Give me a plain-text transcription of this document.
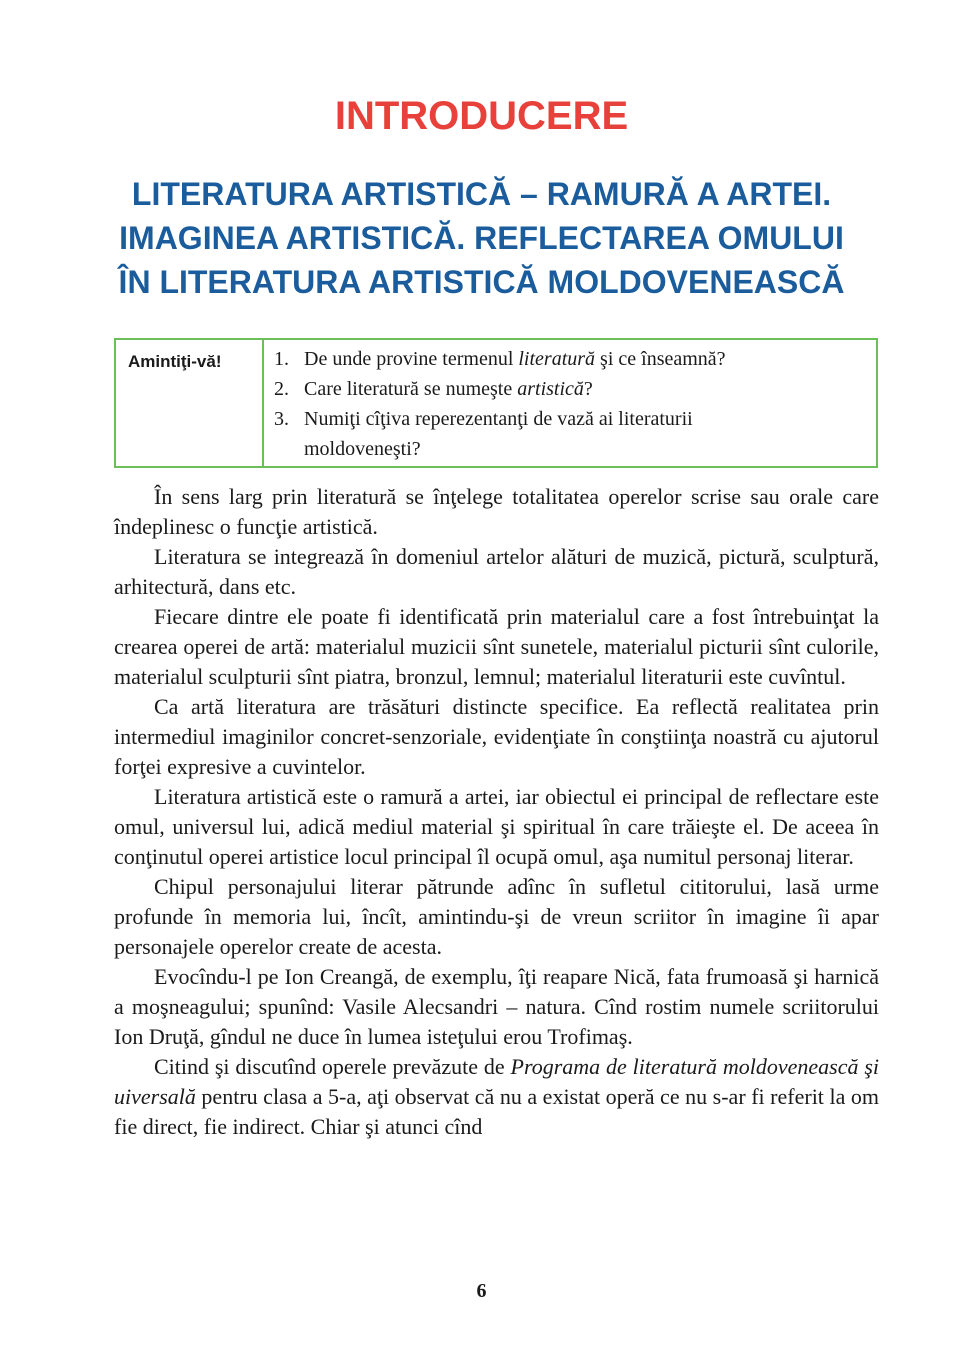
INTRODUCERE
LITERATURA ARTISTICĂ – RAMURĂ A ARTEI.
IMAGINEA ARTISTICĂ. REFLECTAREA OMULUI
ÎN LITERATURA ARTISTICĂ MOLDOVENEASCĂ
Amintiţi-vă!	1. De unde provine termenul literatură şi ce înseamnă?
2. Care literatură se numeşte artistică?
3. Numiţi cîţiva reperezentanţi de vază ai literaturii moldoveneşti?

În sens larg prin literatură se înţelege totalitatea operelor scrise sau orale care îndeplinesc o funcţie artistică.

Literatura se integrează în domeniul artelor alături de muzică, pictură, sculptură, arhitectură, dans etc.

Fiecare dintre ele poate fi identificată prin materialul care a fost întrebuinţat la crearea operei de artă: materialul muzicii sînt sunetele, materialul picturii sînt culorile, materialul sculpturii sînt piatra, bronzul, lemnul; materialul literaturii este cuvîntul.

Ca artă literatura are trăsături distincte specifice. Ea reflectă realitatea prin intermediul imaginilor concret-senzoriale, evidenţiate în conştiinţa noastră cu ajutorul forţei expresive a cuvintelor.

Literatura artistică este o ramură a artei, iar obiectul ei principal de reflectare este omul, universul lui, adică mediul material şi spiritual în care trăieşte el. De aceea în conţinutul operei artistice locul principal îl ocupă omul, aşa numitul personaj literar.

Chipul personajului literar pătrunde adînc în sufletul cititorului, lasă urme profunde în memoria lui, încît, amintindu-şi de vreun scriitor în imagine îi apar personajele operelor create de acesta.

Evocîndu-l pe Ion Creangă, de exemplu, îţi reapare Nică, fata frumoasă şi harnică a moşneagului; spunînd: Vasile Alecsandri – natura. Cînd rostim numele scriitorului Ion Druţă, gîndul ne duce în lumea isteţului erou Trofimaş.

Citind şi discutînd operele prevăzute de Programa de literatură moldovenească şi uiversală pentru clasa a 5-a, aţi observat că nu a existat operă ce nu s-ar fi referit la om fie direct, fie indirect. Chiar şi atunci cînd

6
